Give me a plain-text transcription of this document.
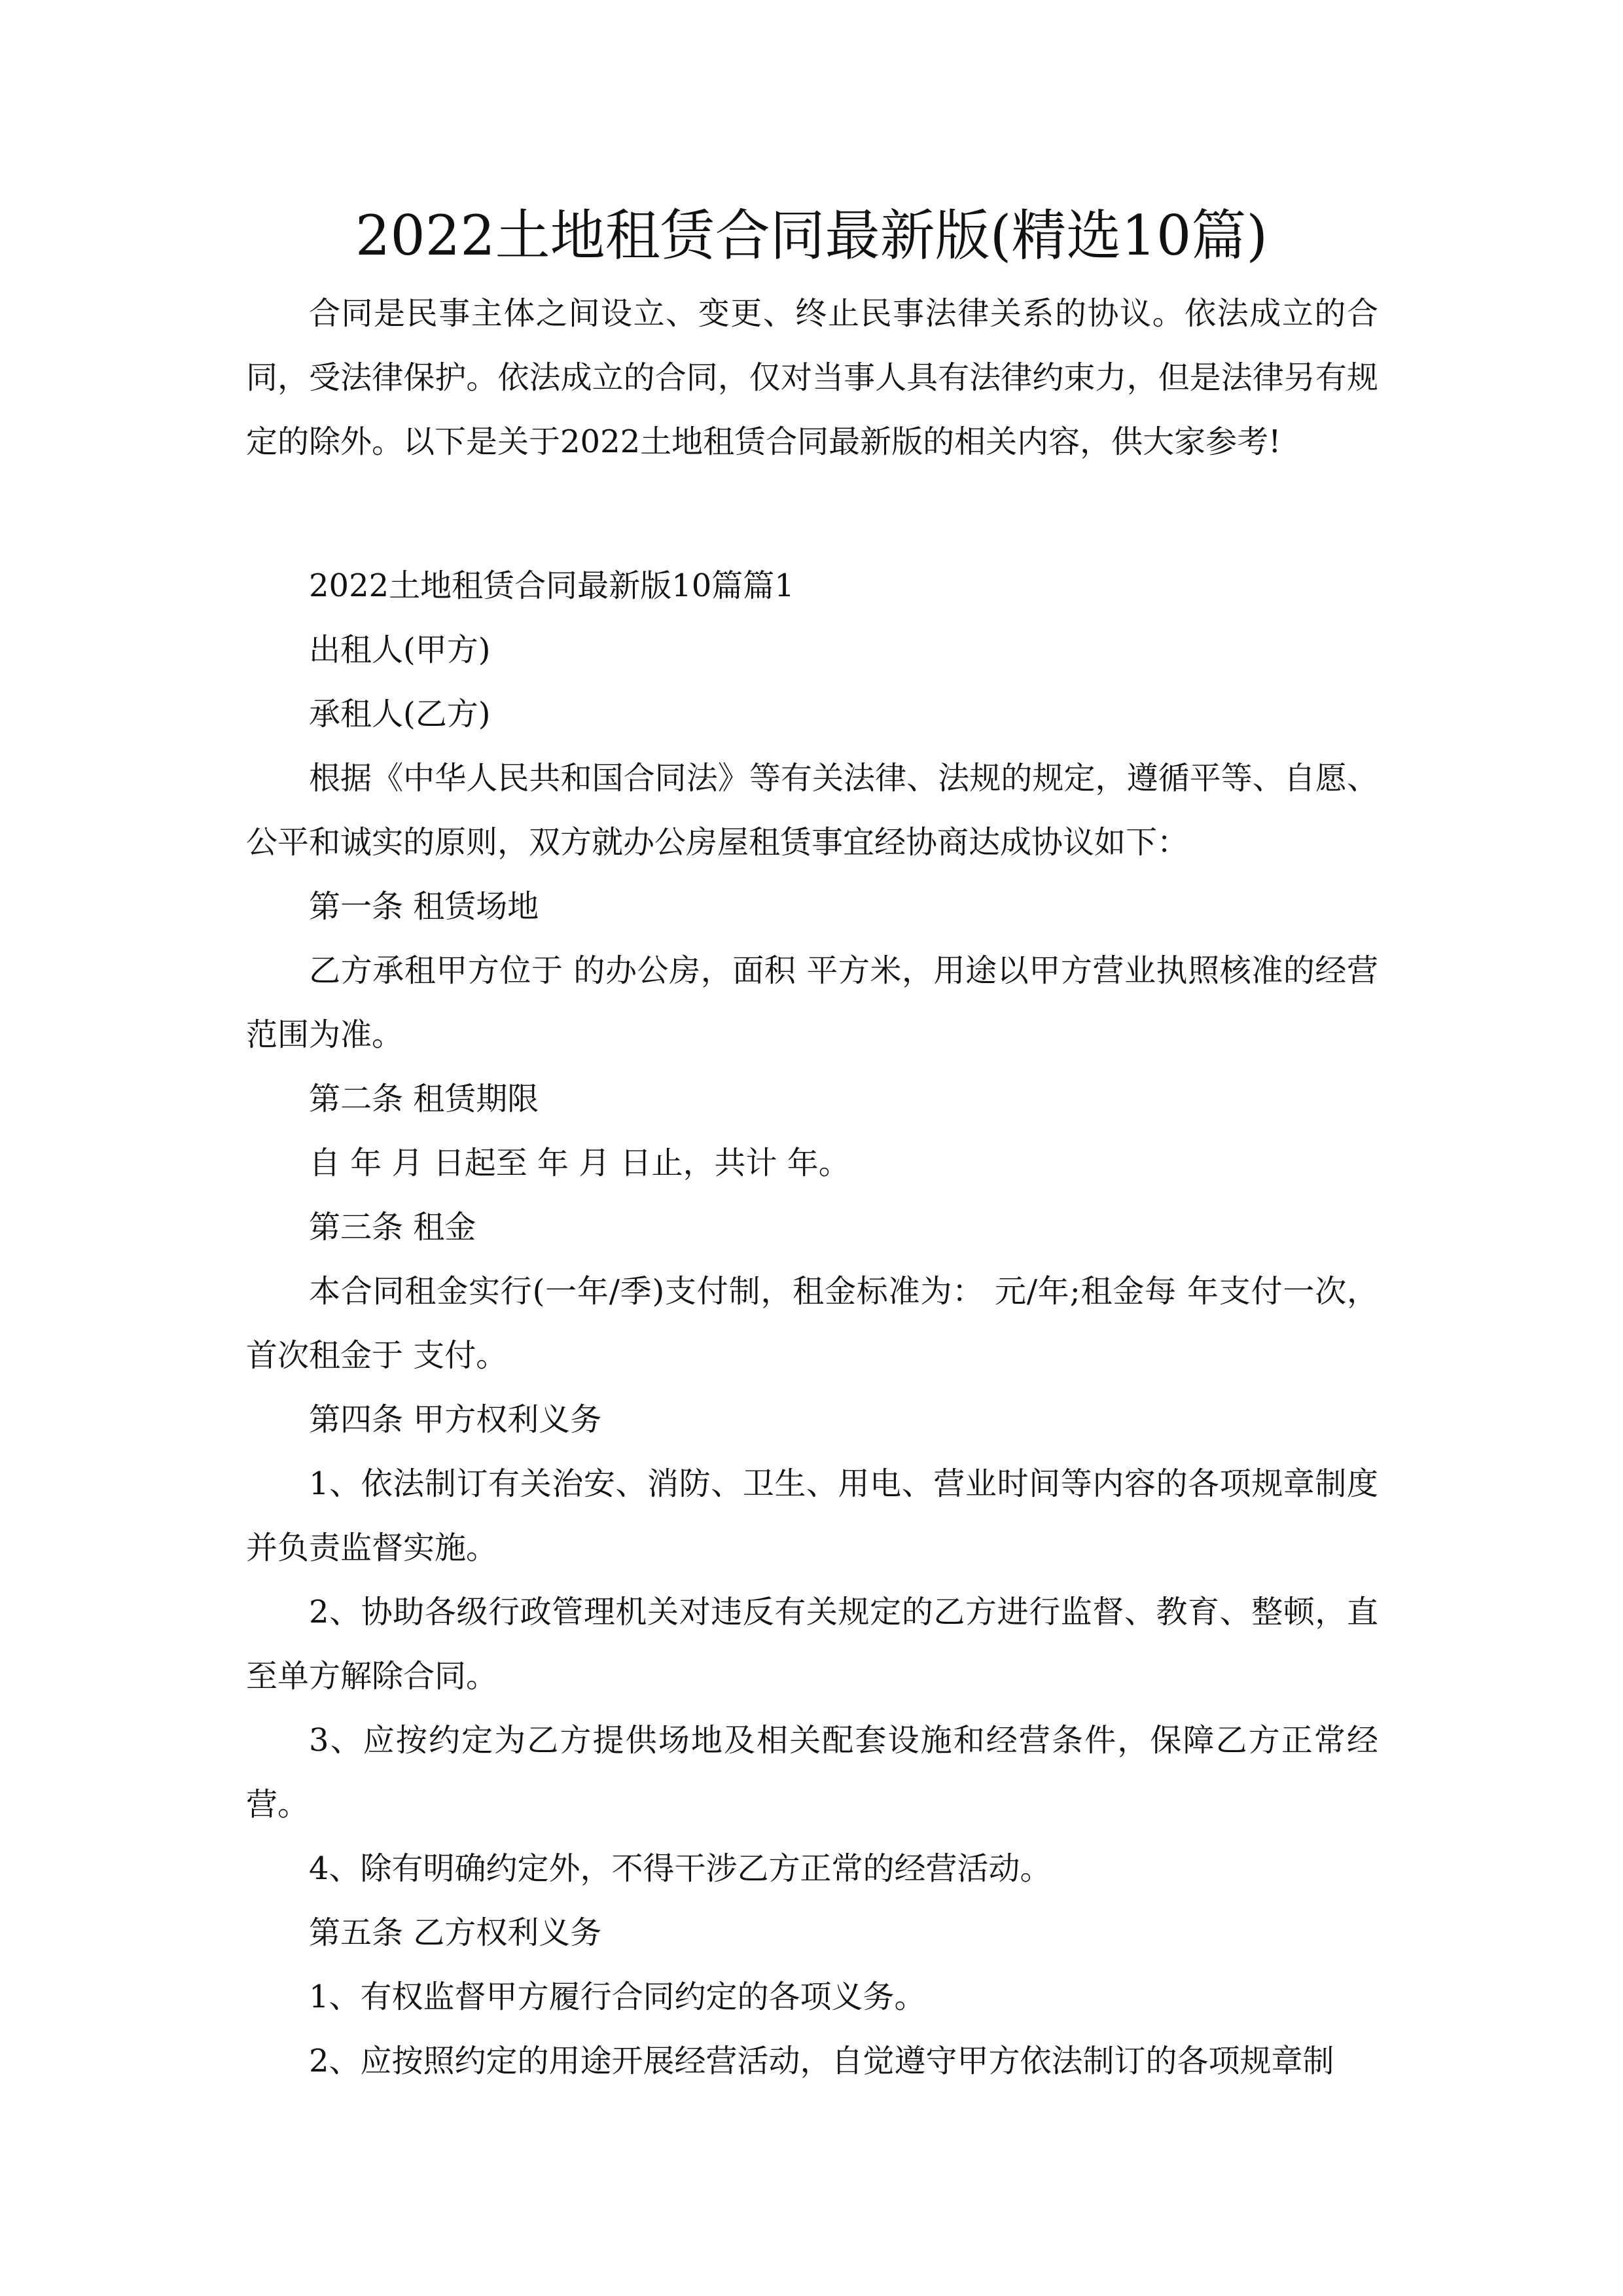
2022土地租赁合同最新版(精选10篇)

合同是民事主体之间设立、变更、终止民事法律关系的协议。依法成立的合同，受法律保护。依法成立的合同，仅对当事人具有法律约束力，但是法律另有规定的除外。以下是关于2022土地租赁合同最新版的相关内容，供大家参考!

2022土地租赁合同最新版10篇篇1

出租人(甲方)

承租人(乙方)

根据《中华人民共和国合同法》等有关法律、法规的规定，遵循平等、自愿、公平和诚实的原则，双方就办公房屋租赁事宜经协商达成协议如下：

第一条 租赁场地

乙方承租甲方位于 的办公房，面积 平方米，用途以甲方营业执照核准的经营范围为准。

第二条 租赁期限

自 年 月 日起至 年 月 日止，共计 年。

第三条 租金

本合同租金实行(一年/季)支付制，租金标准为： 元/年;租金每 年支付一次，首次租金于 支付。

第四条 甲方权利义务

1、依法制订有关治安、消防、卫生、用电、营业时间等内容的各项规章制度并负责监督实施。

2、协助各级行政管理机关对违反有关规定的乙方进行监督、教育、整顿，直至单方解除合同。

3、应按约定为乙方提供场地及相关配套设施和经营条件，保障乙方正常经营。

4、除有明确约定外，不得干涉乙方正常的经营活动。

第五条 乙方权利义务

1、有权监督甲方履行合同约定的各项义务。

2、应按照约定的用途开展经营活动，自觉遵守甲方依法制订的各项规章制
